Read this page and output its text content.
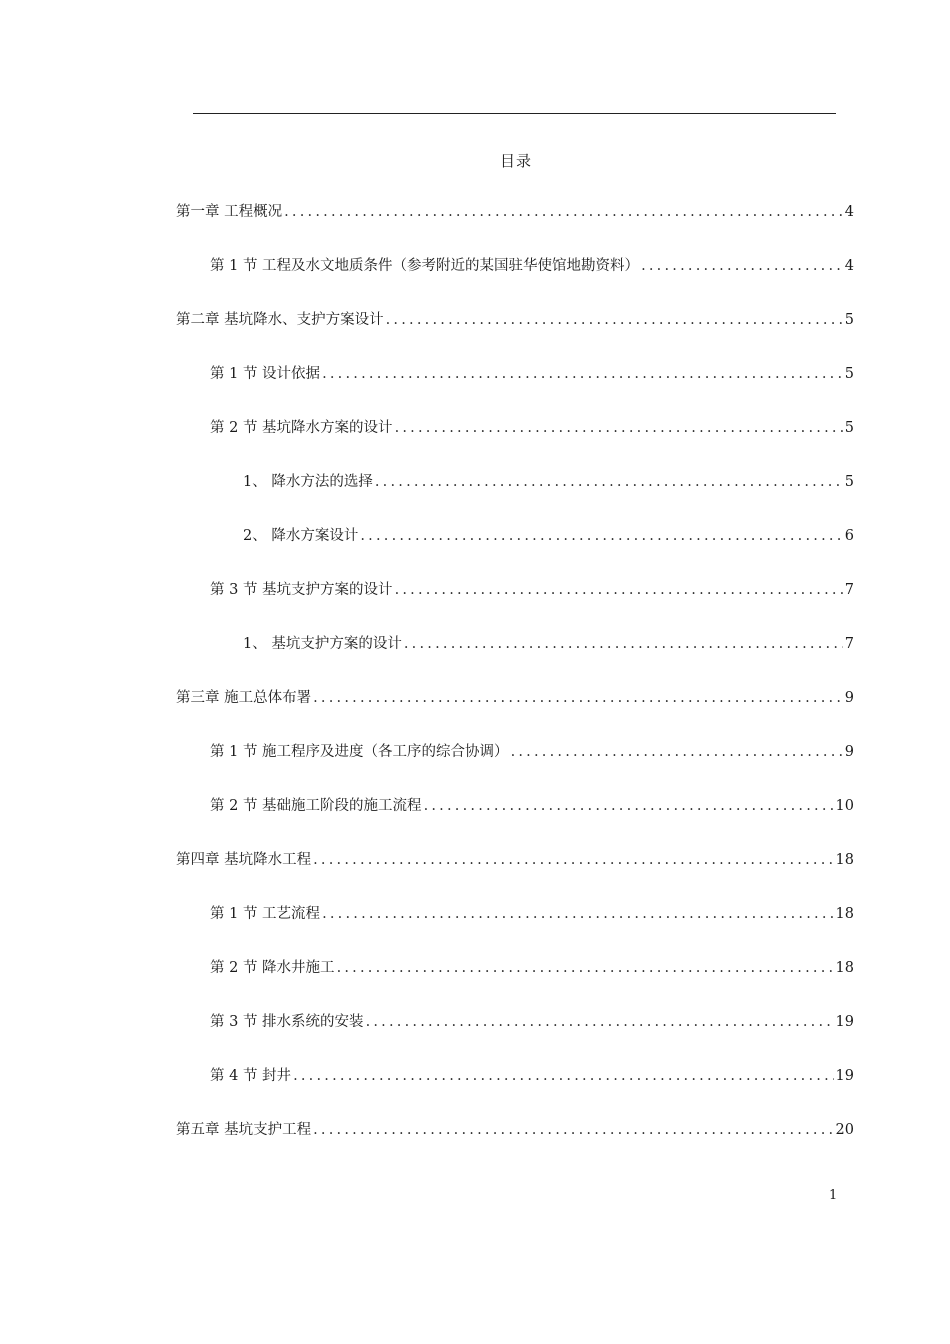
目录
第一章 工程概况 .....	4
第 1 节 工程及水文地质条件（参考附近的某国驻华使馆地勘资料） .....	4
第二章 基坑降水、支护方案设计 .....	5
第 1 节 设计依据 .....	5
第 2 节 基坑降水方案的设计 .....	5
1、 降水方法的选择 .....	5
2、 降水方案设计 .....	6
第 3 节 基坑支护方案的设计 .....	7
1、 基坑支护方案的设计 .....	7
第三章 施工总体布署 .....	9
第 1 节 施工程序及进度（各工序的综合协调） .....	9
第 2 节 基础施工阶段的施工流程 .....	10
第四章 基坑降水工程 .....	18
第 1 节 工艺流程 .....	18
第 2 节 降水井施工 .....	18
第 3 节 排水系统的安装 .....	19
第 4 节 封井 .....	19
第五章 基坑支护工程 .....	20
1
